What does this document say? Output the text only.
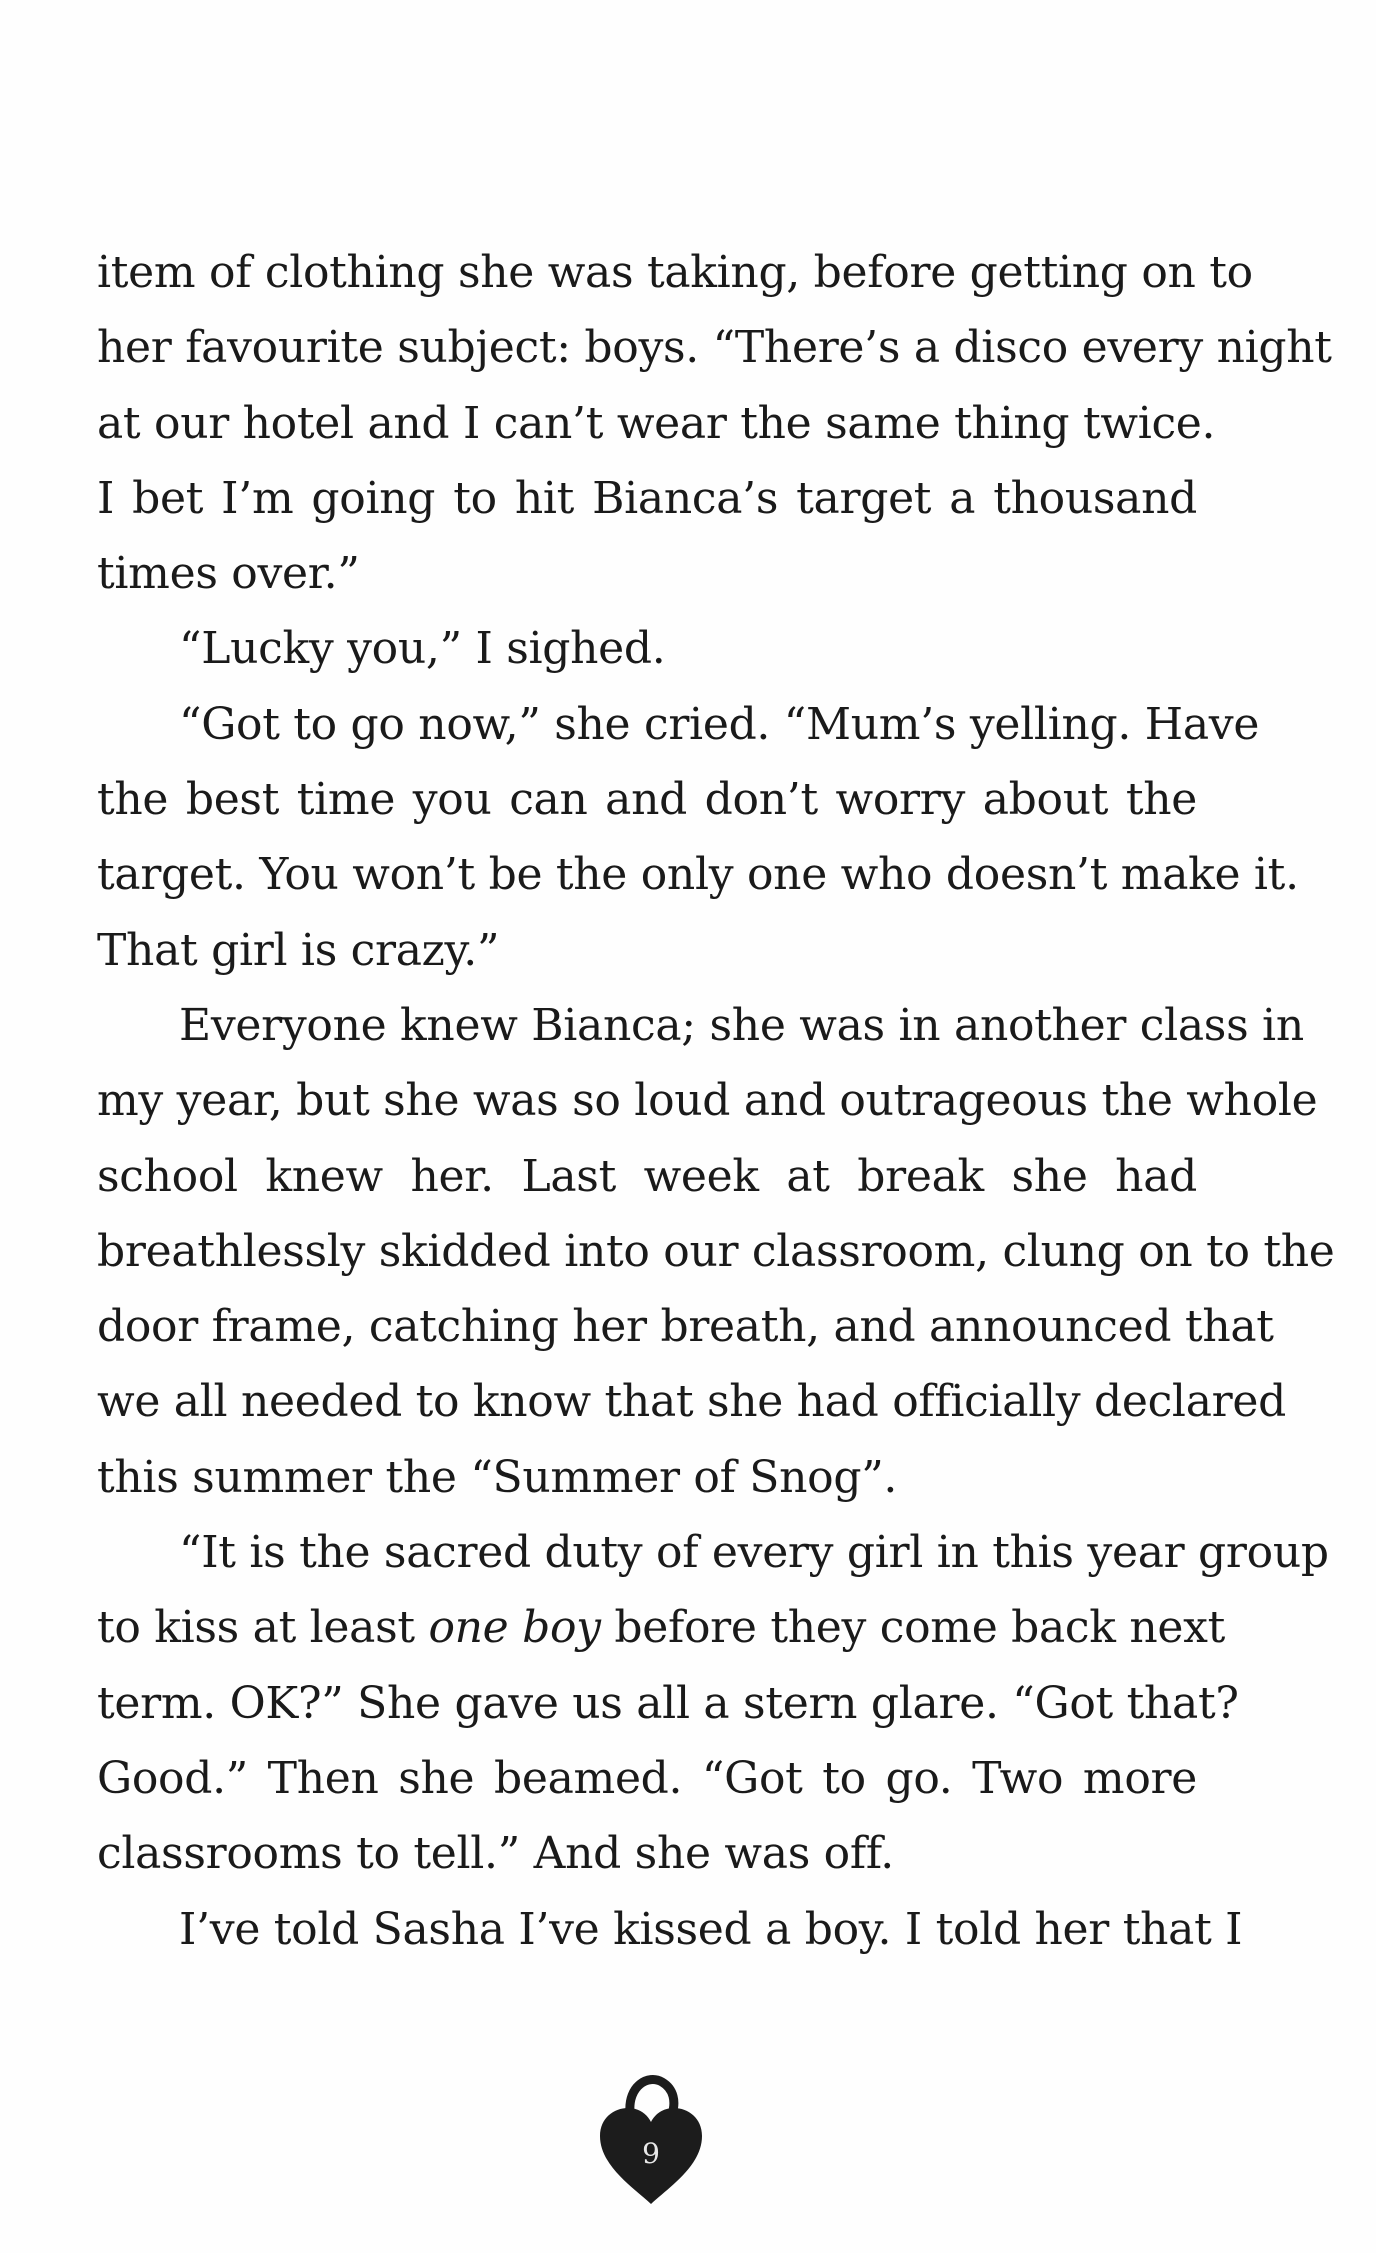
item of clothing she was taking, before getting on to
her favourite subject: boys. “There’s a disco every night
at our hotel and I can’t wear the same thing twice.
I bet I’m going to hit Bianca’s target a thousand
times over.”
“Lucky you,” I sighed.
“Got to go now,” she cried. “Mum’s yelling. Have
the best time you can and don’t worry about the
target. You won’t be the only one who doesn’t make it.
That girl is crazy.”
Everyone knew Bianca; she was in another class in
my year, but she was so loud and outrageous the whole
school knew her. Last week at break she had
breathlessly skidded into our classroom, clung on to the
door frame, catching her breath, and announced that
we all needed to know that she had officially declared
this summer the “Summer of Snog”.
“It is the sacred duty of every girl in this year group
to kiss at least one boy before they come back next
term. OK?” She gave us all a stern glare. “Got that?
Good.” Then she beamed. “Got to go. Two more
classrooms to tell.” And she was off.
I’ve told Sasha I’ve kissed a boy. I told her that I
9
